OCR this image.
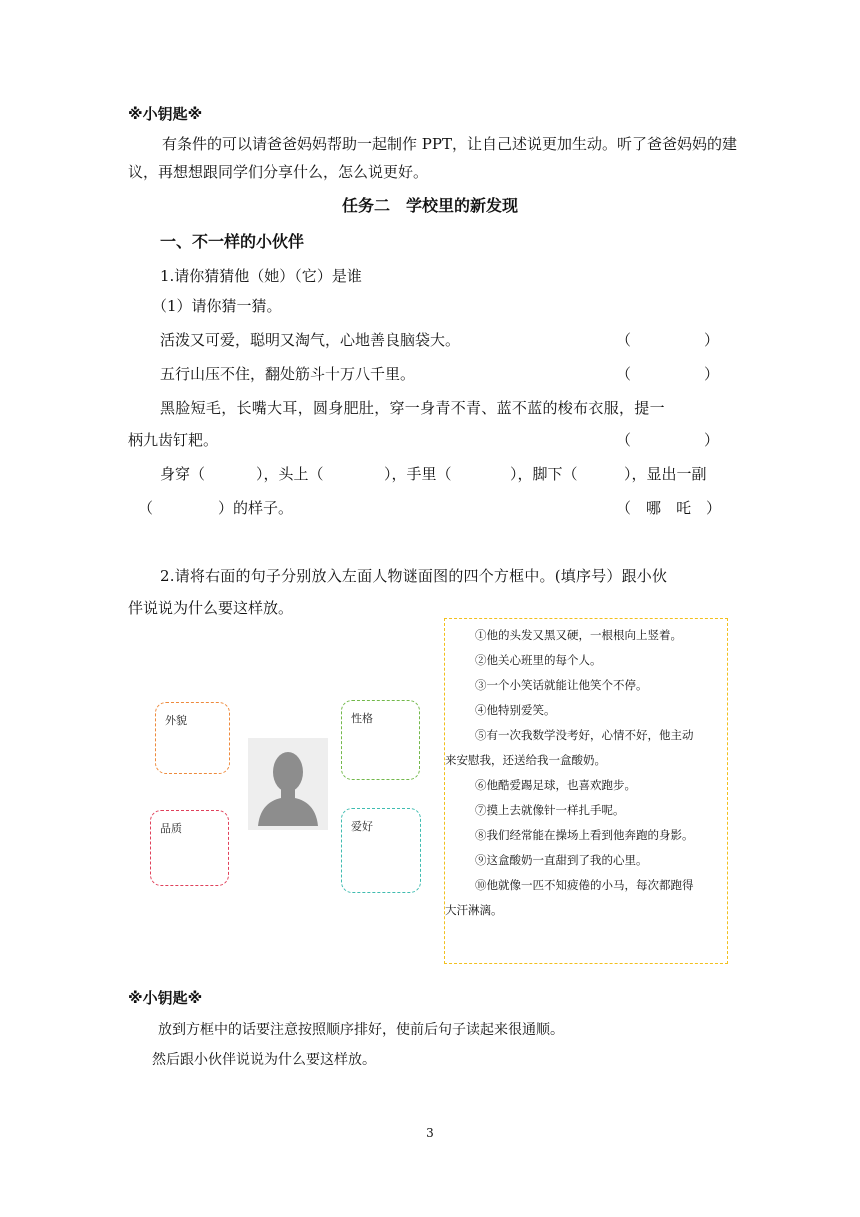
※小钥匙※
有条件的可以请爸爸妈妈帮助一起制作 PPT，让自己述说更加生动。听了爸爸妈妈的建
议，再想想跟同学们分享什么，怎么说更好。
任务二　学校里的新发现
一、不一样的小伙伴
1.请你猜猜他（她）（它）是谁
（1）请你猜一猜。
活泼又可爱，聪明又淘气，心地善良脑袋大。	（	）
五行山压不住，翻处筋斗十万八千里。	（	）
黑脸短毛，长嘴大耳，圆身肥肚，穿一身青不青、蓝不蓝的梭布衣服，提一
柄九齿钉耙。	（	）
身穿（	），头上（	），手里（	），脚下（	），显出一副
（	）的样子。	（　哪　吒　）
2.请将右面的句子分别放入左面人物谜面图的四个方框中。(填序号）跟小伙
伴说说为什么要这样放。
外貌	性格
品质	爱好
①他的头发又黑又硬，一根根向上竖着。
②他关心班里的每个人。
③一个小笑话就能让他笑个不停。
④他特别爱笑。
⑤有一次我数学没考好，心情不好，他主动
来安慰我，还送给我一盒酸奶。
⑥他酷爱踢足球，也喜欢跑步。
⑦摸上去就像针一样扎手呢。
⑧我们经常能在操场上看到他奔跑的身影。
⑨这盒酸奶一直甜到了我的心里。
⑩他就像一匹不知疲倦的小马，每次都跑得
大汗淋漓。
※小钥匙※
放到方框中的话要注意按照顺序排好，使前后句子读起来很通顺。
然后跟小伙伴说说为什么要这样放。
3
